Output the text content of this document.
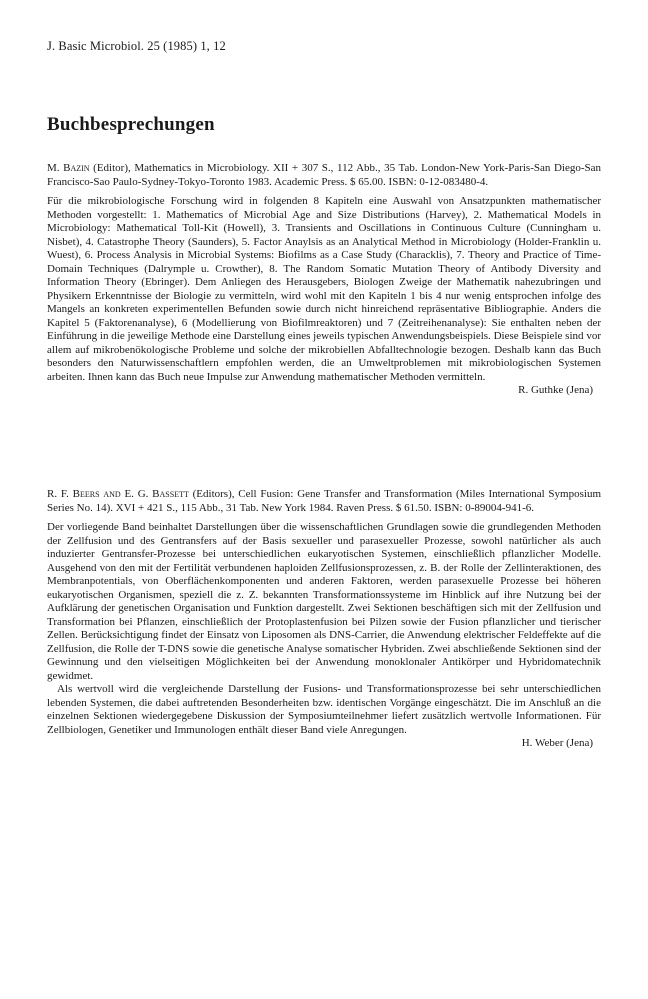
J. Basic Microbiol. 25 (1985) 1, 12
Buchbesprechungen

M. Bazin (Editor), Mathematics in Microbiology. XII + 307 S., 112 Abb., 35 Tab. London-New York-Paris-San Diego-San Francisco-Sao Paulo-Sydney-Tokyo-Toronto 1983. Academic Press. $ 65.00. ISBN: 0-12-083480-4.

Für die mikrobiologische Forschung wird in folgenden 8 Kapiteln eine Auswahl von Ansatzpunkten mathematischer Methoden vorgestellt: 1. Mathematics of Microbial Age and Size Distributions (Harvey), 2. Mathematical Models in Microbiology: Mathematical Toll-Kit (Howell), 3. Transients and Oscillations in Continuous Culture (Cunningham u. Nisbet), 4. Catastrophe Theory (Saunders), 5. Factor Anaylsis as an Analytical Method in Microbiology (Holder-Franklin u. Wuest), 6. Process Analysis in Microbial Systems: Biofilms as a Case Study (Characklis), 7. Theory and Practice of Time-Domain Techniques (Dalrymple u. Crowther), 8. The Random Somatic Mutation Theory of Antibody Diversity and Information Theory (Ebringer). Dem Anliegen des Herausgebers, Biologen Zweige der Mathematik nahezubringen und Physikern Erkenntnisse der Biologie zu vermitteln, wird wohl mit den Kapiteln 1 bis 4 nur wenig entsprochen infolge des Mangels an konkreten experimentellen Befunden sowie durch nicht hinreichend repräsentative Bibliographie. Anders die Kapitel 5 (Faktorenanalyse), 6 (Modellierung von Biofilmreaktoren) und 7 (Zeitreihenanalyse): Sie enthalten neben der Einführung in die jeweilige Methode eine Darstellung eines jeweils typischen Anwendungsbeispiels. Diese Beispiele sind vor allem auf mikrobenökologische Probleme und solche der mikrobiellen Abfalltechnologie bezogen. Deshalb kann das Buch besonders den Naturwissenschaftlern empfohlen werden, die an Umweltproblemen mit mikrobiologischen Systemen arbeiten. Ihnen kann das Buch neue Impulse zur Anwendung mathematischer Methoden vermitteln.

R. Guthke (Jena)

R. F. Beers and E. G. Bassett (Editors), Cell Fusion: Gene Transfer and Transformation (Miles International Symposium Series No. 14). XVI + 421 S., 115 Abb., 31 Tab. New York 1984. Raven Press. $ 61.50. ISBN: 0-89004-941-6.

Der vorliegende Band beinhaltet Darstellungen über die wissenschaftlichen Grundlagen sowie die grundlegenden Methoden der Zellfusion und des Gentransfers auf der Basis sexueller und parasexueller Prozesse, sowohl natürlicher als auch induzierter Gentransfer-Prozesse bei unterschiedlichen eukaryotischen Systemen, einschließlich pflanzlicher Modelle. Ausgehend von den mit der Fertilität verbundenen haploiden Zellfusionsprozessen, z. B. der Rolle der Zellinteraktionen, des Membranpotentials, von Oberflächenkomponenten und anderen Faktoren, werden parasexuelle Prozesse bei höheren eukaryotischen Organismen, speziell die z. Z. bekannten Transformationssysteme im Hinblick auf ihre Nutzung bei der Aufklärung der genetischen Organisation und Funktion dargestellt. Zwei Sektionen beschäftigen sich mit der Zellfusion und Transformation bei Pflanzen, einschließlich der Protoplastenfusion bei Pilzen sowie der Fusion pflanzlicher und tierischer Zellen. Berücksichtigung findet der Einsatz von Liposomen als DNS-Carrier, die Anwendung elektrischer Feldeffekte auf die Zellfusion, die Rolle der T-DNS sowie die genetische Analyse somatischer Hybriden. Zwei abschließende Sektionen sind der Gewinnung und den vielseitigen Möglichkeiten bei der Anwendung monoklonaler Antikörper und Hybridomatechnik gewidmet.

Als wertvoll wird die vergleichende Darstellung der Fusions- und Transformationsprozesse bei sehr unterschiedlichen lebenden Systemen, die dabei auftretenden Besonderheiten bzw. identischen Vorgänge eingeschätzt. Die im Anschluß an die einzelnen Sektionen wiedergegebene Diskussion der Symposiumteilnehmer liefert zusätzlich wertvolle Informationen. Für Zellbiologen, Genetiker und Immunologen enthält dieser Band viele Anregungen.

H. Weber (Jena)
